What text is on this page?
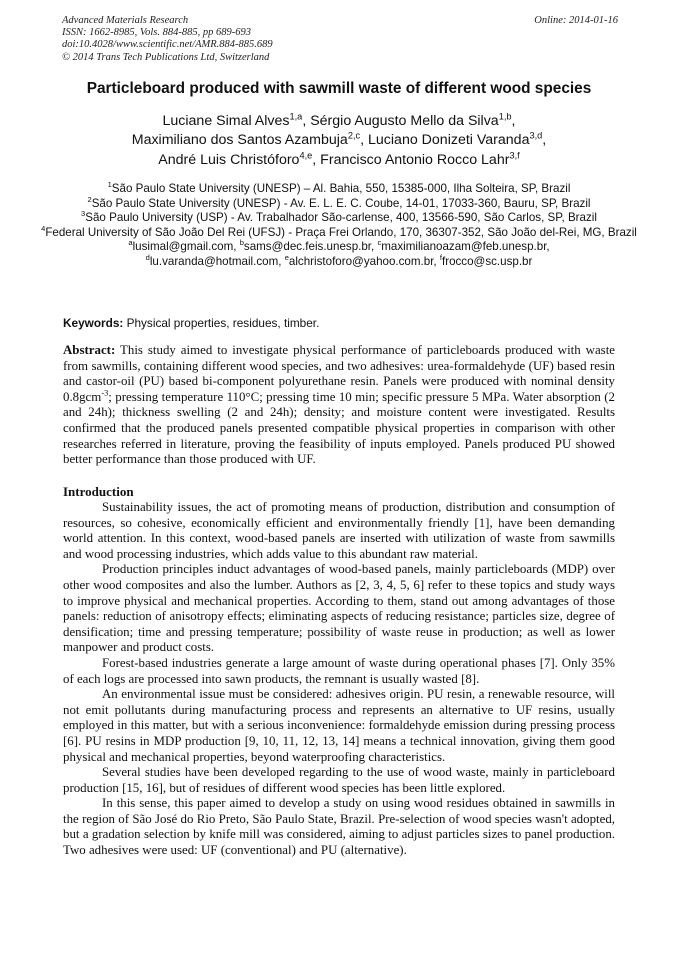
Advanced Materials Research
ISSN: 1662-8985, Vols. 884-885, pp 689-693
doi:10.4028/www.scientific.net/AMR.884-885.689
© 2014 Trans Tech Publications Ltd, Switzerland
Online: 2014-01-16
Particleboard produced with sawmill waste of different wood species
Luciane Simal Alves$^{1,a}$, Sérgio Augusto Mello da Silva$^{1,b}$,
Maximiliano dos Santos Azambuja$^{2,c}$, Luciano Donizeti Varanda$^{3,d}$,
André Luis Christóforo$^{4,e}$, Francisco Antonio Rocco Lahr$^{3,f}$
$^1$São Paulo State University (UNESP) – Al. Bahia, 550, 15385-000, Ilha Solteira, SP, Brazil
$^2$São Paulo State University (UNESP) - Av. E. L. E. C. Coube, 14-01, 17033-360, Bauru, SP, Brazil
$^3$São Paulo University (USP) - Av. Trabalhador São-carlense, 400, 13566-590, São Carlos, SP, Brazil
$^4$Federal University of São João Del Rei (UFSJ) - Praça Frei Orlando, 170, 36307-352, São João del-Rei, MG, Brazil
$^a$lusimal@gmail.com, $^b$sams@dec.feis.unesp.br, $^c$maximilianoazam@feb.unesp.br,
$^d$lu.varanda@hotmail.com, $^e$alchristoforo@yahoo.com.br, $^f$frocco@sc.usp.br
Keywords: Physical properties, residues, timber.

Abstract: This study aimed to investigate physical performance of particleboards produced with waste from sawmills, containing different wood species, and two adhesives: urea-formaldehyde (UF) based resin and castor-oil (PU) based bi-component polyurethane resin. Panels were produced with nominal density 0.8gcm$^{-3}$; pressing temperature 110°C; pressing time 10 min; specific pressure 5 MPa. Water absorption (2 and 24h); thickness swelling (2 and 24h); density; and moisture content were investigated. Results confirmed that the produced panels presented compatible physical properties in comparison with other researches referred in literature, proving the feasibility of inputs employed. Panels produced PU showed better performance than those produced with UF.

Introduction

Sustainability issues, the act of promoting means of production, distribution and consumption of resources, so cohesive, economically efficient and environmentally friendly [1], have been demanding world attention. In this context, wood-based panels are inserted with utilization of waste from sawmills and wood processing industries, which adds value to this abundant raw material.

Production principles induct advantages of wood-based panels, mainly particleboards (MDP) over other wood composites and also the lumber. Authors as [2, 3, 4, 5, 6] refer to these topics and study ways to improve physical and mechanical properties. According to them, stand out among advantages of those panels: reduction of anisotropy effects; eliminating aspects of reducing resistance; particles size, degree of densification; time and pressing temperature; possibility of waste reuse in production; as well as lower manpower and product costs.

Forest-based industries generate a large amount of waste during operational phases [7]. Only 35% of each logs are processed into sawn products, the remnant is usually wasted [8].

An environmental issue must be considered: adhesives origin. PU resin, a renewable resource, will not emit pollutants during manufacturing process and represents an alternative to UF resins, usually employed in this matter, but with a serious inconvenience: formaldehyde emission during pressing process [6]. PU resins in MDP production [9, 10, 11, 12, 13, 14] means a technical innovation, giving them good physical and mechanical properties, beyond waterproofing characteristics.

Several studies have been developed regarding to the use of wood waste, mainly in particleboard production [15, 16], but of residues of different wood species has been little explored.

In this sense, this paper aimed to develop a study on using wood residues obtained in sawmills in the region of São José do Rio Preto, São Paulo State, Brazil. Pre-selection of wood species wasn't adopted, but a gradation selection by knife mill was considered, aiming to adjust particles sizes to panel production. Two adhesives were used: UF (conventional) and PU (alternative).
